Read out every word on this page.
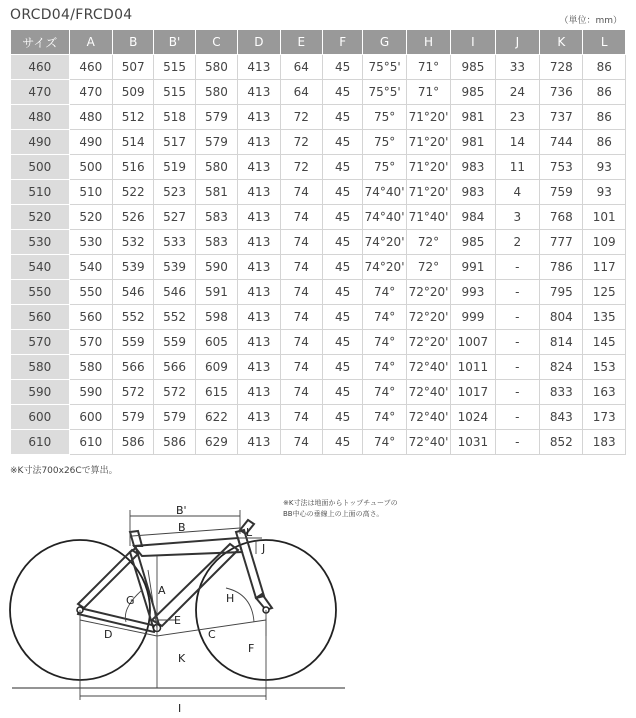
ORCD04/FRCD04	（単位：mm）
サイズ	A	B	B'	C	D	E	F	G	H	I	J	K	L
460	460	507	515	580	413	64	45	75°5'	71°	985	33	728	86
470	470	509	515	580	413	64	45	75°5'	71°	985	24	736	86
480	480	512	518	579	413	72	45	75°	71°20'	981	23	737	86
490	490	514	517	579	413	72	45	75°	71°20'	981	14	744	86
500	500	516	519	580	413	72	45	75°	71°20'	983	11	753	93
510	510	522	523	581	413	74	45	74°40'	71°20'	983	4	759	93
520	520	526	527	583	413	74	45	74°40'	71°40'	984	3	768	101
530	530	532	533	583	413	74	45	74°20'	72°	985	2	777	109
540	540	539	539	590	413	74	45	74°20'	72°	991	-	786	117
550	550	546	546	591	413	74	45	74°	72°20'	993	-	795	125
560	560	552	552	598	413	74	45	74°	72°20'	999	-	804	135
570	570	559	559	605	413	74	45	74°	72°20'	1007	-	814	145
580	580	566	566	609	413	74	45	74°	72°40'	1011	-	824	153
590	590	572	572	615	413	74	45	74°	72°40'	1017	-	833	163
600	600	579	579	622	413	74	45	74°	72°40'	1024	-	843	173
610	610	586	586	629	413	74	45	74°	72°40'	1031	-	852	183
※K寸法700x26Cで算出。
B'
B	L
J
A
G	H
E
D	C
F
K
I
※K寸法は地面からトップチューブの
BB中心の垂線上の上面の高さ。
